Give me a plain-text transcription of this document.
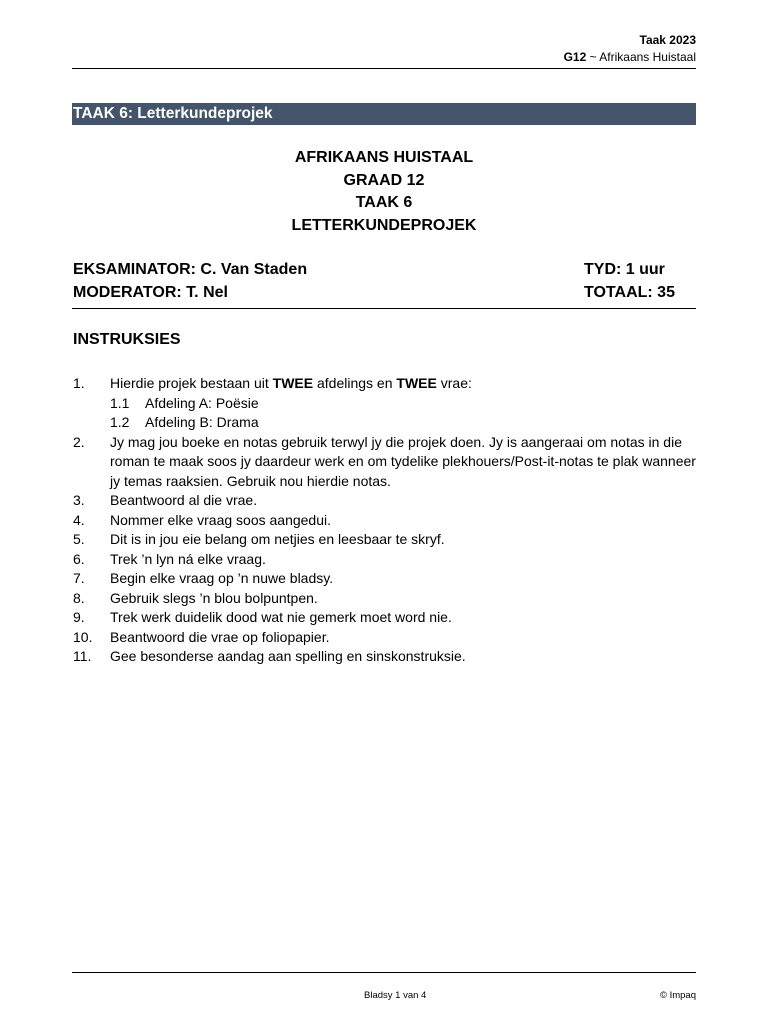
Taak 2023
G12 ~ Afrikaans Huistaal
TAAK 6: Letterkundeprojek
AFRIKAANS HUISTAAL
GRAAD 12
TAAK 6
LETTERKUNDEPROJEK
EKSAMINATOR: C. Van Staden	TYD: 1 uur
MODERATOR: T. Nel	TOTAAL: 35
INSTRUKSIES
1.	Hierdie projek bestaan uit TWEE afdelings en TWEE vrae:
1.1	Afdeling A: Poësie
1.2	Afdeling B: Drama
2.	Jy mag jou boeke en notas gebruik terwyl jy die projek doen. Jy is aangeraai om notas in die roman te maak soos jy daardeur werk en om tydelike plekhouers/Post-it-notas te plak wanneer jy temas raaksien. Gebruik nou hierdie notas.
3.	Beantwoord al die vrae.
4.	Nommer elke vraag soos aangedui.
5.	Dit is in jou eie belang om netjies en leesbaar te skryf.
6.	Trek ’n lyn ná elke vraag.
7.	Begin elke vraag op ’n nuwe bladsy.
8.	Gebruik slegs ’n blou bolpuntpen.
9.	Trek werk duidelik dood wat nie gemerk moet word nie.
10.	Beantwoord die vrae op foliopapier.
11.	Gee besonderse aandag aan spelling en sinskonstruksie.
Bladsy 1 van 4	© Impaq
